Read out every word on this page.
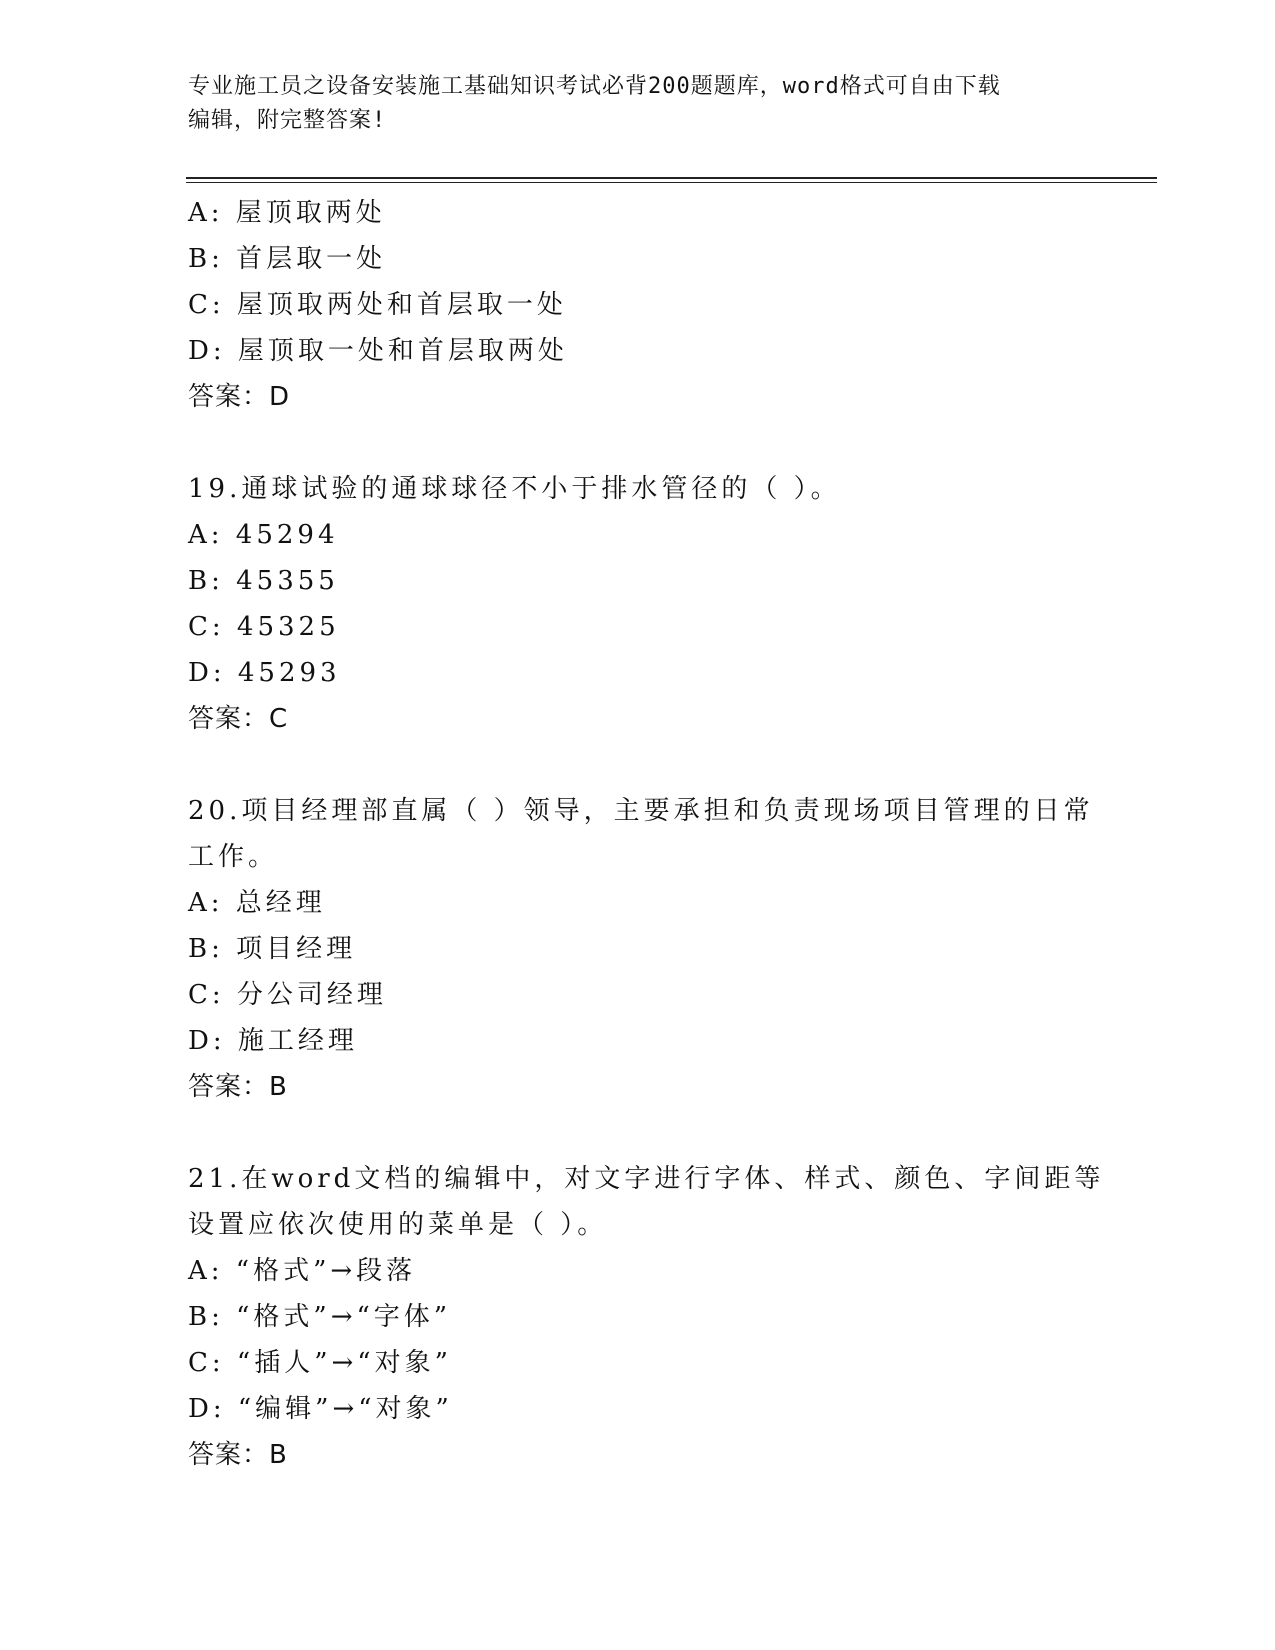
专业施工员之设备安装施工基础知识考试必背200题题库，word格式可自由下载
编辑，附完整答案!
A: 屋顶取两处
B: 首层取一处
C: 屋顶取两处和首层取一处
D: 屋顶取一处和首层取两处
答案：D
19.通球试验的通球球径不小于排水管径的（ ）。
A: 45294
B: 45355
C: 45325
D: 45293
答案：C
20.项目经理部直属（ ）领导，主要承担和负责现场项目管理的日常
工作。
A: 总经理
B: 项目经理
C: 分公司经理
D: 施工经理
答案：B
21.在word文档的编辑中，对文字进行字体、样式、颜色、字间距等
设置应依次使用的菜单是（ ）。
A: “格式”→段落
B: “格式”→“字体”
C: “插人”→“对象”
D: “编辑”→“对象”
答案：B
